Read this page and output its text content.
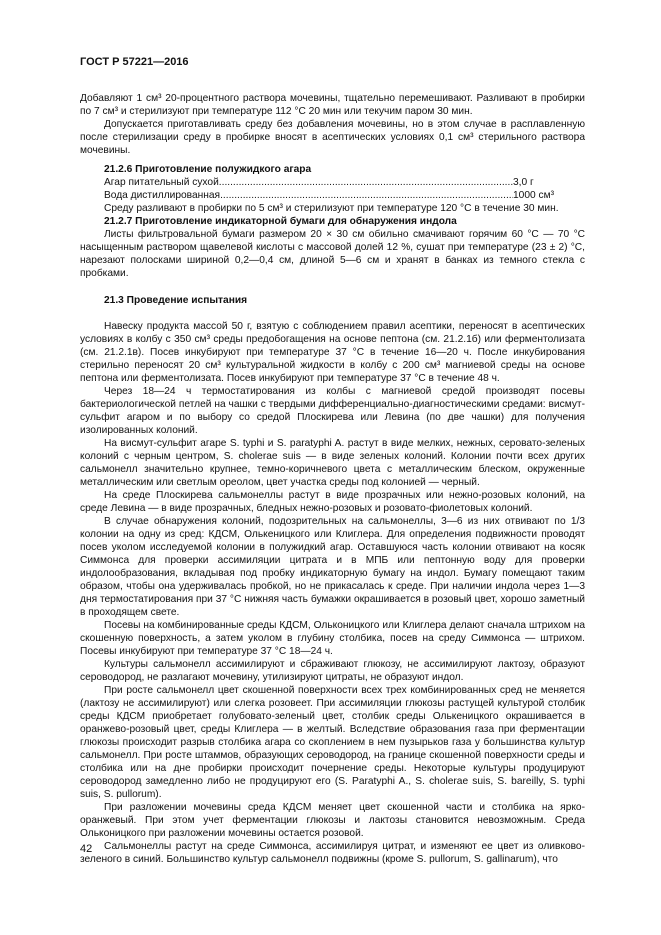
ГОСТ Р 57221—2016

Добавляют 1 см³ 20-процентного раствора мочевины, тщательно перемешивают. Разливают в пробирки по 7 см³ и стерилизуют при температуре 112 °С 20 мин или текучим паром 30 мин.

Допускается приготавливать среду без добавления мочевины, но в этом случае в расплавленную после стерилизации среду в пробирке вносят в асептических условиях 0,1 см³ стерильного раствора мочевины.

21.2.6 Приготовление полужидкого агара

Агар питательный сухой .....	3,0 г
Вода дистиллированная .....	1000 см³

Среду разливают в пробирки по 5 см³ и стерилизуют при температуре 120 °С в течение 30 мин.

21.2.7 Приготовление индикаторной бумаги для обнаружения индола

Листы фильтровальной бумаги размером 20 × 30 см обильно смачивают горячим 60 °С — 70 °С насыщенным раствором щавелевой кислоты с массовой долей 12 %, сушат при температуре (23 ± 2) °С, нарезают полосками шириной 0,2—0,4 см, длиной 5—6 см и хранят в банках из темного стекла с пробками.

21.3 Проведение испытания

Навеску продукта массой 50 г, взятую с соблюдением правил асептики, переносят в асептических условиях в колбу с 350 см³ среды предобогащения на основе пептона (см. 21.2.1б) или ферментолизата (см. 21.2.1в). Посев инкубируют при температуре 37 °С в течение 16—20 ч. После инкубирования стерильно переносят 20 см³ культуральной жидкости в колбу с 200 см³ магниевой среды на основе пептона или ферментолизата. Посев инкубируют при температуре 37 °С в течение 48 ч.

Через 18—24 ч термостатирования из колбы с магниевой средой производят посевы бактериологической петлей на чашки с твердыми дифференциально-диагностическими средами: висмут-сульфит агаром и по выбору со средой Плоскирева или Левина (по две чашки) для получения изолированных колоний.

На висмут-сульфит агаре S. typhi и S. paratyphi A. растут в виде мелких, нежных, серовато-зеленых колоний с черным центром, S. cholerae suis — в виде зеленых колоний. Колонии почти всех других сальмонелл значительно крупнее, темно-коричневого цвета с металлическим блеском, окруженные металлическим или светлым ореолом, цвет участка среды под колонией — черный.

На среде Плоскирева сальмонеллы растут в виде прозрачных или нежно-розовых колоний, на среде Левина — в виде прозрачных, бледных нежно-розовых и розовато-фиолетовых колоний.

В случае обнаружения колоний, подозрительных на сальмонеллы, 3—6 из них отвивают по 1/3 колонии на одну из сред: КДСМ, Олькеницкого или Клиглера. Для определения подвижности проводят посев уколом исследуемой колонии в полужидкий агар. Оставшуюся часть колонии отвивают на косяк Симмонса для проверки ассимиляции цитрата и в МПБ или пептонную воду для проверки индолообразования, вкладывая под пробку индикаторную бумагу на индол. Бумагу помещают таким образом, чтобы она удерживалась пробкой, но не прикасалась к среде. При наличии индола через 1—3 дня термостатирования при 37 °С нижняя часть бумажки окрашивается в розовый цвет, хорошо заметный в проходящем свете.

Посевы на комбинированные среды КДСМ, Ольконицкого или Клиглера делают сначала штрихом на скошенную поверхность, а затем уколом в глубину столбика, посев на среду Симмонса — штрихом. Посевы инкубируют при температуре 37 °С 18—24 ч.

Культуры сальмонелл ассимилируют и сбраживают глюкозу, не ассимилируют лактозу, образуют сероводород, не разлагают мочевину, утилизируют цитраты, не образуют индол.

При росте сальмонелл цвет скошенной поверхности всех трех комбинированных сред не меняется (лактозу не ассимилируют) или слегка розовеет. При ассимиляции глюкозы растущей культурой столбик среды КДСМ приобретает голубовато-зеленый цвет, столбик среды Олькеницкого окрашивается в оранжево-розовый цвет, среды Клиглера — в желтый. Вследствие образования газа при ферментации глюкозы происходит разрыв столбика агара со скоплением в нем пузырьков газа у большинства культур сальмонелл. При росте штаммов, образующих сероводород, на границе скошенной поверхности среды и столбика или на дне пробирки происходит почернение среды. Некоторые культуры продуцируют сероводород замедленно либо не продуцируют его (S. Paratyphi A., S. cholerae suis, S. bareilly, S. typhi suis, S. pullorum).

При разложении мочевины среда КДСМ меняет цвет скошенной части и столбика на ярко-оранжевый. При этом учет ферментации глюкозы и лактозы становится невозможным. Среда Ольконицкого при разложении мочевины остается розовой.

Сальмонеллы растут на среде Симмонса, ассимилируя цитрат, и изменяют ее цвет из оливково-зеленого в синий. Большинство культур сальмонелл подвижны (кроме S. pullorum, S. gallinarum), что

42
